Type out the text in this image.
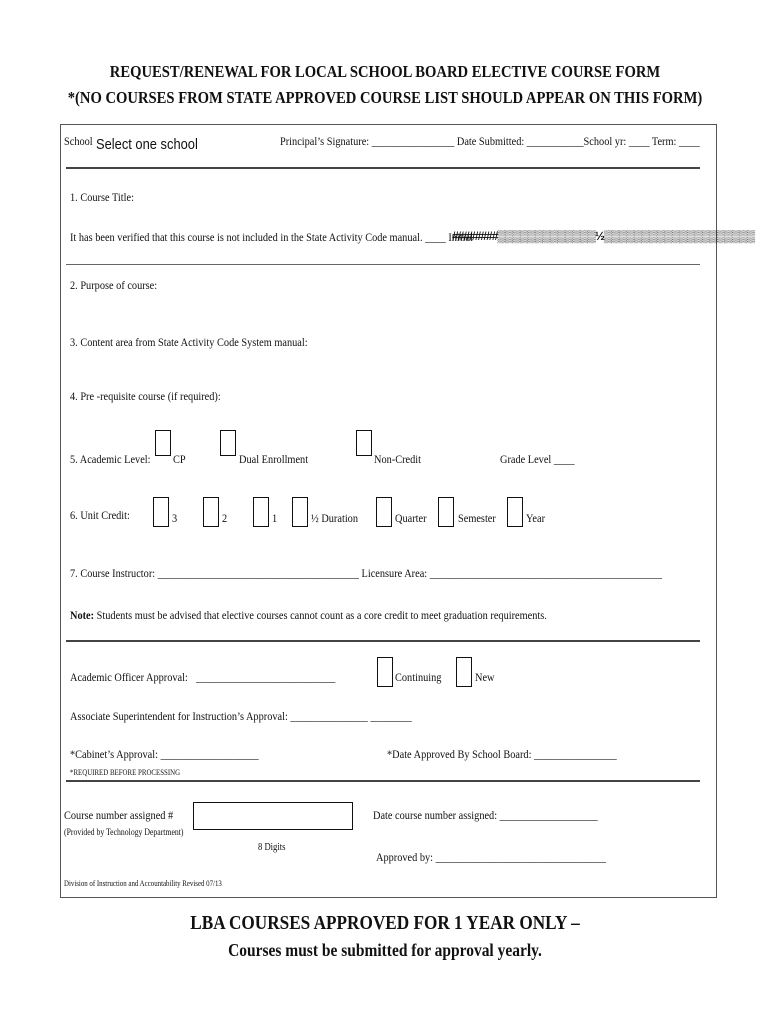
REQUEST/RENEWAL FOR LOCAL SCHOOL BOARD ELECTIVE COURSE FORM
*(NO COURSES FROM STATE APPROVED COURSE LIST SHOULD APPEAR ON THIS FORM)
School Select one school	Principal’s Signature: ________________ Date Submitted: ___________School yr: ____ Term: ____
1. Course Title:
It has been verified that this course is not included in the State Activity Code manual. ____ Initial
########▒▒▒▒▒▒▒▒▒▒▒▒▒½▒▒▒▒▒▒▒▒▒▒▒▒▒▒▒▒▒▒▒▒
2. Purpose of course:
3. Content area from State Activity Code System manual:
4. Pre -requisite course (if required):
5. Academic Level: CP	Dual Enrollment	Non-Credit	Grade Level ____
6. Unit Credit:	3	2	1	½ Duration	Quarter	Semester	Year
7. Course Instructor: _______________________________________ Licensure Area: _____________________________________________
Note: Students must be advised that elective courses cannot count as a core credit to meet graduation requirements.
Academic Officer Approval: ___________________________	Continuing	New
Associate Superintendent for Instruction’s Approval: _______________ ________
*Cabinet’s Approval: ___________________	*Date Approved By School Board: ________________
*REQUIRED BEFORE PROCESSING
Course number assigned #
(Provided by Technology Department)
8 Digits
Date course number assigned: ___________________
Approved by: _________________________________
Division of Instruction and Accountability Revised 07/13
LBA COURSES APPROVED FOR 1 YEAR ONLY –
Courses must be submitted for approval yearly.
